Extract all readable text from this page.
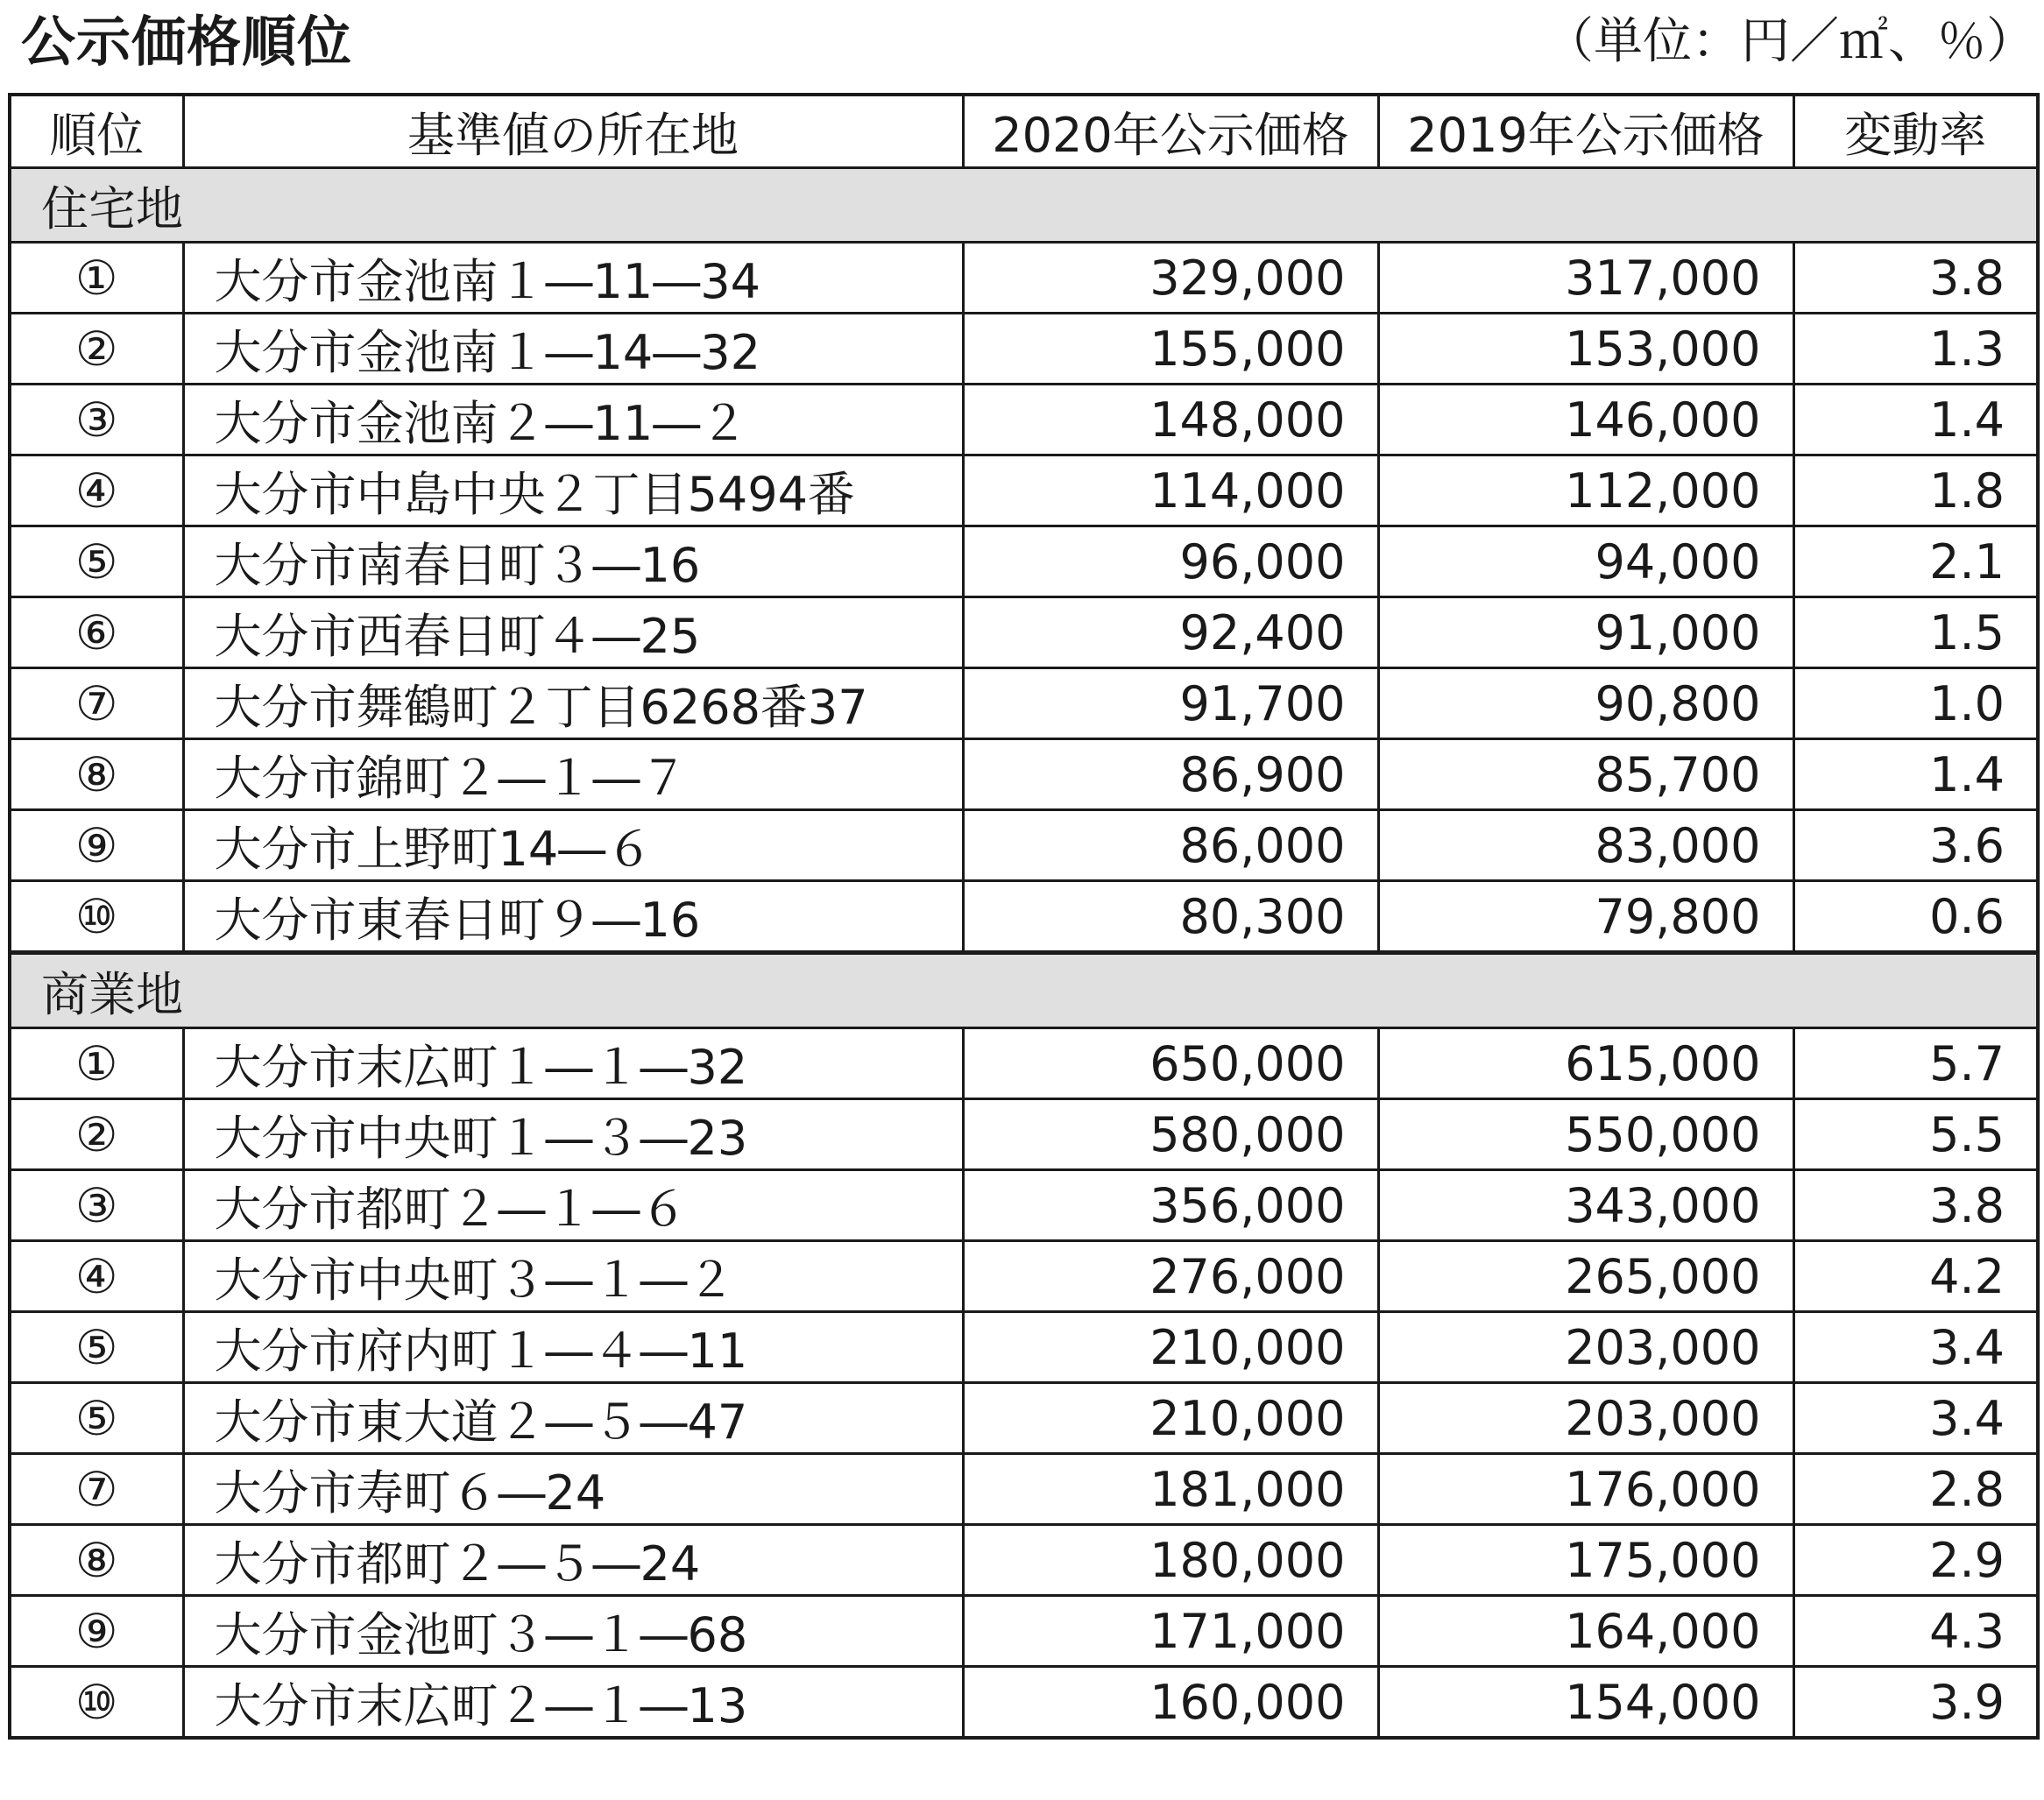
公示価格順位	（単位：円／㎡、％）
順位	基準値の所在地	2020年公示価格	2019年公示価格	変動率
住宅地				
①	大分市金池南１―11―34	329,000	317,000	3.8
②	大分市金池南１―14―32	155,000	153,000	1.3
③	大分市金池南２―11―２	148,000	146,000	1.4
④	大分市中島中央２丁目5494番	114,000	112,000	1.8
⑤	大分市南春日町３―16	96,000	94,000	2.1
⑥	大分市西春日町４―25	92,400	91,000	1.5
⑦	大分市舞鶴町２丁目6268番37	91,700	90,800	1.0
⑧	大分市錦町２―１―７	86,900	85,700	1.4
⑨	大分市上野町14―６	86,000	83,000	3.6
⑩	大分市東春日町９―16	80,300	79,800	0.6
商業地				
①	大分市末広町１―１―32	650,000	615,000	5.7
②	大分市中央町１―３―23	580,000	550,000	5.5
③	大分市都町２―１―６	356,000	343,000	3.8
④	大分市中央町３―１―２	276,000	265,000	4.2
⑤	大分市府内町１―４―11	210,000	203,000	3.4
⑤	大分市東大道２―５―47	210,000	203,000	3.4
⑦	大分市寿町６―24	181,000	176,000	2.8
⑧	大分市都町２―５―24	180,000	175,000	2.9
⑨	大分市金池町３―１―68	171,000	164,000	4.3
⑩	大分市末広町２―１―13	160,000	154,000	3.9
